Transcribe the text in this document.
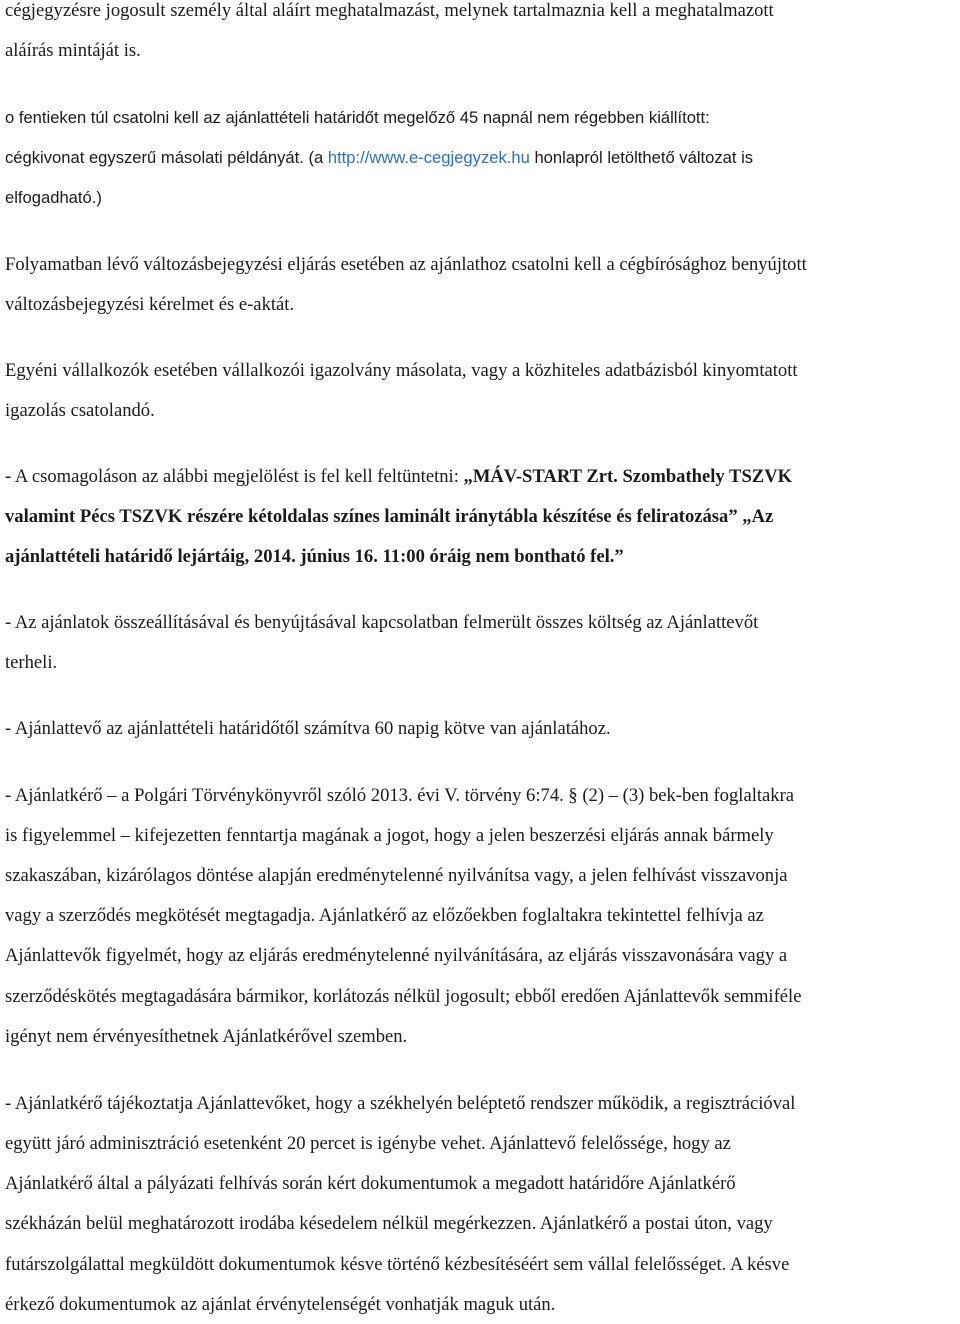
cégjegyzésre jogosult személy által aláírt meghatalmazást, melynek tartalmaznia kell a meghatalmazott
aláírás mintáját is.
o fentieken túl csatolni kell az ajánlattételi határidőt megelőző 45 napnál nem régebben kiállított:
cégkivonat egyszerű másolati példányát. (a http://www.e-cegjegyzek.hu honlapról letölthető változat is
elfogadható.)
Folyamatban lévő változásbejegyzési eljárás esetében az ajánlathoz csatolni kell a cégbírósághoz benyújtott
változásbejegyzési kérelmet és e-aktát.
Egyéni vállalkozók esetében vállalkozói igazolvány másolata, vagy a közhiteles adatbázisból kinyomtatott
igazolás csatolandó.
- A csomagoláson az alábbi megjelölést is fel kell feltüntetni: „MÁV-START Zrt. Szombathely TSZVK
valamint Pécs TSZVK részére kétoldalas színes laminált iránytábla készítése és feliratozása” „Az
ajánlattételi határidő lejártáig, 2014. június 16. 11:00 óráig nem bontható fel.”
- Az ajánlatok összeállításával és benyújtásával kapcsolatban felmerült összes költség az Ajánlattevőt
terheli.
- Ajánlattevő az ajánlattételi határidőtől számítva 60 napig kötve van ajánlatához.
- Ajánlatkérő – a Polgári Törvénykönyvről szóló 2013. évi V. törvény 6:74. § (2) – (3) bek-ben foglaltakra
is figyelemmel – kifejezetten fenntartja magának a jogot, hogy a jelen beszerzési eljárás annak bármely
szakaszában, kizárólagos döntése alapján eredménytelenné nyilvánítsa vagy, a jelen felhívást visszavonja
vagy a szerződés megkötését megtagadja. Ajánlatkérő az előzőekben foglaltakra tekintettel felhívja az
Ajánlattevők figyelmét, hogy az eljárás eredménytelenné nyilvánítására, az eljárás visszavonására vagy a
szerződéskötés megtagadására bármikor, korlátozás nélkül jogosult; ebből eredően Ajánlattevők semmiféle
igényt nem érvényesíthetnek Ajánlatkérővel szemben.
- Ajánlatkérő tájékoztatja Ajánlattevőket, hogy a székhelyén beléptető rendszer működik, a regisztrációval
együtt járó adminisztráció esetenként 20 percet is igénybe vehet. Ajánlattevő felelőssége, hogy az
Ajánlatkérő által a pályázati felhívás során kért dokumentumok a megadott határidőre Ajánlatkérő
székházán belül meghatározott irodába késedelem nélkül megérkezzen. Ajánlatkérő a postai úton, vagy
futárszolgálattal megküldött dokumentumok késve történő kézbesítéséért sem vállal felelősséget. A késve
érkező dokumentumok az ajánlat érvénytelenségét vonhatják maguk után.
